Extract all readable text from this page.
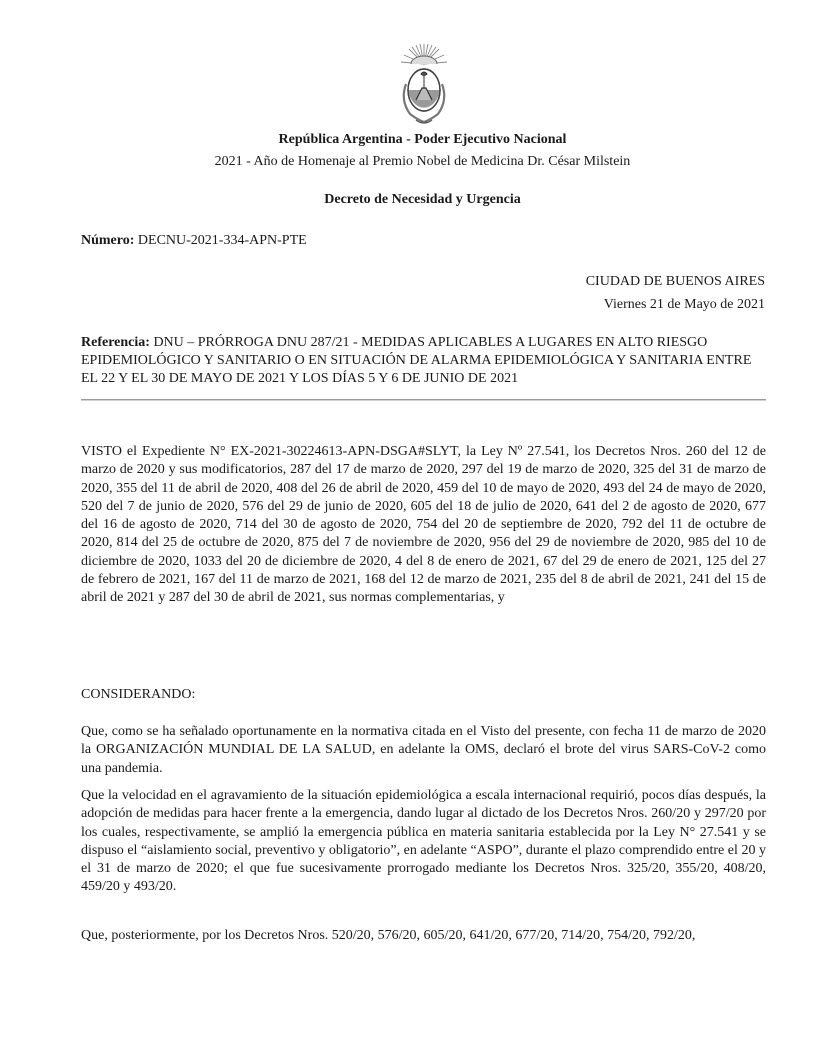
República Argentina - Poder Ejecutivo Nacional
2021 - Año de Homenaje al Premio Nobel de Medicina Dr. César Milstein
Decreto de Necesidad y Urgencia
Número: DECNU-2021-334-APN-PTE
CIUDAD DE BUENOS AIRES
Viernes 21 de Mayo de 2021
Referencia: DNU – PRÓRROGA DNU 287/21 - MEDIDAS APLICABLES A LUGARES EN ALTO RIESGO EPIDEMIOLÓGICO Y SANITARIO O EN SITUACIÓN DE ALARMA EPIDEMIOLÓGICA Y SANITARIA ENTRE EL 22 Y EL 30 DE MAYO DE 2021 Y LOS DÍAS 5 Y 6 DE JUNIO DE 2021
VISTO el Expediente N° EX-2021-30224613-APN-DSGA#SLYT, la Ley Nº 27.541, los Decretos Nros. 260 del 12 de marzo de 2020 y sus modificatorios, 287 del 17 de marzo de 2020, 297 del 19 de marzo de 2020, 325 del 31 de marzo de 2020, 355 del 11 de abril de 2020, 408 del 26 de abril de 2020, 459 del 10 de mayo de 2020, 493 del 24 de mayo de 2020, 520 del 7 de junio de 2020, 576 del 29 de junio de 2020, 605 del 18 de julio de 2020, 641 del 2 de agosto de 2020, 677 del 16 de agosto de 2020, 714 del 30 de agosto de 2020, 754 del 20 de septiembre de 2020, 792 del 11 de octubre de 2020, 814 del 25 de octubre de 2020, 875 del 7 de noviembre de 2020, 956 del 29 de noviembre de 2020, 985 del 10 de diciembre de 2020, 1033 del 20 de diciembre de 2020, 4 del 8 de enero de 2021, 67 del 29 de enero de 2021, 125 del 27 de febrero de 2021, 167 del 11 de marzo de 2021, 168 del 12 de marzo de 2021, 235 del 8 de abril de 2021, 241 del 15 de abril de 2021 y 287 del 30 de abril de 2021, sus normas complementarias, y
CONSIDERANDO:
Que, como se ha señalado oportunamente en la normativa citada en el Visto del presente, con fecha 11 de marzo de 2020 la ORGANIZACIÓN MUNDIAL DE LA SALUD, en adelante la OMS, declaró el brote del virus SARS-CoV-2 como una pandemia.
Que la velocidad en el agravamiento de la situación epidemiológica a escala internacional requirió, pocos días después, la adopción de medidas para hacer frente a la emergencia, dando lugar al dictado de los Decretos Nros. 260/20 y 297/20 por los cuales, respectivamente, se amplió la emergencia pública en materia sanitaria establecida por la Ley N° 27.541 y se dispuso el “aislamiento social, preventivo y obligatorio”, en adelante “ASPO”, durante el plazo comprendido entre el 20 y el 31 de marzo de 2020; el que fue sucesivamente prorrogado mediante los Decretos Nros. 325/20, 355/20, 408/20, 459/20 y 493/20.
Que, posteriormente, por los Decretos Nros. 520/20, 576/20, 605/20, 641/20, 677/20, 714/20, 754/20, 792/20,
